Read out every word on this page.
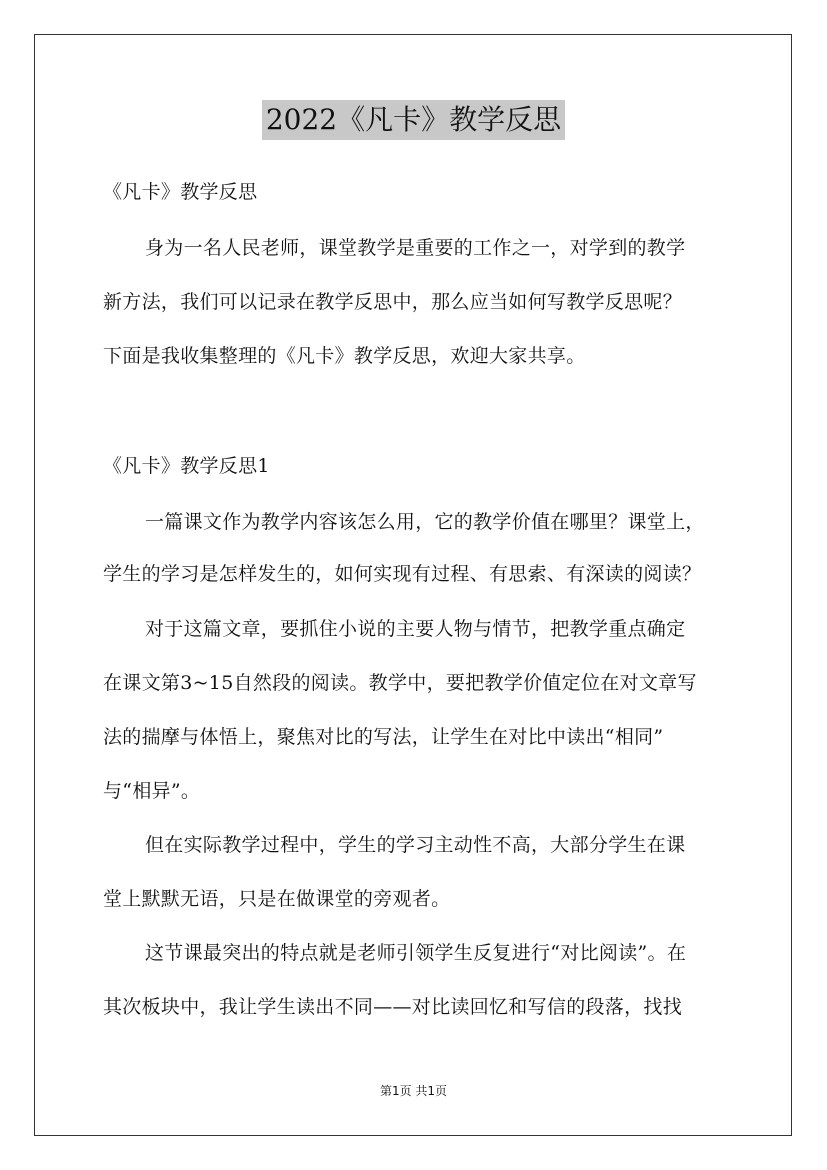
2022《凡卡》教学反思
《凡卡》教学反思
身为一名人民老师，课堂教学是重要的工作之一，对学到的教学
新方法，我们可以记录在教学反思中，那么应当如何写教学反思呢？
下面是我收集整理的《凡卡》教学反思，欢迎大家共享。
《凡卡》教学反思1
一篇课文作为教学内容该怎么用，它的教学价值在哪里？课堂上，
学生的学习是怎样发生的，如何实现有过程、有思索、有深读的阅读？
对于这篇文章，要抓住小说的主要人物与情节，把教学重点确定
在课文第3~15自然段的阅读。教学中，要把教学价值定位在对文章写
法的揣摩与体悟上，聚焦对比的写法，让学生在对比中读出“相同”
与“相异”。
但在实际教学过程中，学生的学习主动性不高，大部分学生在课
堂上默默无语，只是在做课堂的旁观者。
这节课最突出的特点就是老师引领学生反复进行“对比阅读”。在
其次板块中，我让学生读出不同——对比读回忆和写信的段落，找找
第1页 共1页
